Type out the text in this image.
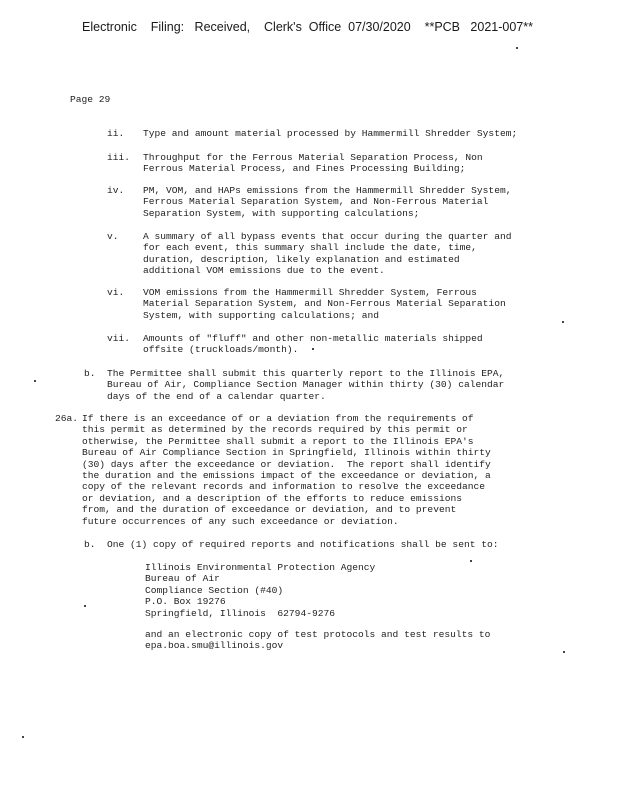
Electronic    Filing:   Received,    Clerk's  Office  07/30/2020    **PCB   2021-007**
Page 29
ii.	Type and amount material processed by Hammermill Shredder System;
iii.	Throughput for the Ferrous Material Separation Process, Non
Ferrous Material Process, and Fines Processing Building;
iv.	PM, VOM, and HAPs emissions from the Hammermill Shredder System,
Ferrous Material Separation System, and Non-Ferrous Material
Separation System, with supporting calculations;
v.	A summary of all bypass events that occur during the quarter and
for each event, this summary shall include the date, time,
duration, description, likely explanation and estimated
additional VOM emissions due to the event.
vi.	VOM emissions from the Hammermill Shredder System, Ferrous
Material Separation System, and Non-Ferrous Material Separation
System, with supporting calculations; and
vii.	Amounts of "fluff" and other non-metallic materials shipped
offsite (truckloads/month).
b.	The Permittee shall submit this quarterly report to the Illinois EPA,
Bureau of Air, Compliance Section Manager within thirty (30) calendar
days of the end of a calendar quarter.
26a. If there is an exceedance of or a deviation from the requirements of
this permit as determined by the records required by this permit or
otherwise, the Permittee shall submit a report to the Illinois EPA's
Bureau of Air Compliance Section in Springfield, Illinois within thirty
(30) days after the exceedance or deviation.  The report shall identify
the duration and the emissions impact of the exceedance or deviation, a
copy of the relevant records and information to resolve the exceedance
or deviation, and a description of the efforts to reduce emissions
from, and the duration of exceedance or deviation, and to prevent
future occurrences of any such exceedance or deviation.
b.	One (1) copy of required reports and notifications shall be sent to:
Illinois Environmental Protection Agency
Bureau of Air
Compliance Section (#40)
P.O. Box 19276
Springfield, Illinois  62794-9276
and an electronic copy of test protocols and test results to
epa.boa.smu@illinois.gov
